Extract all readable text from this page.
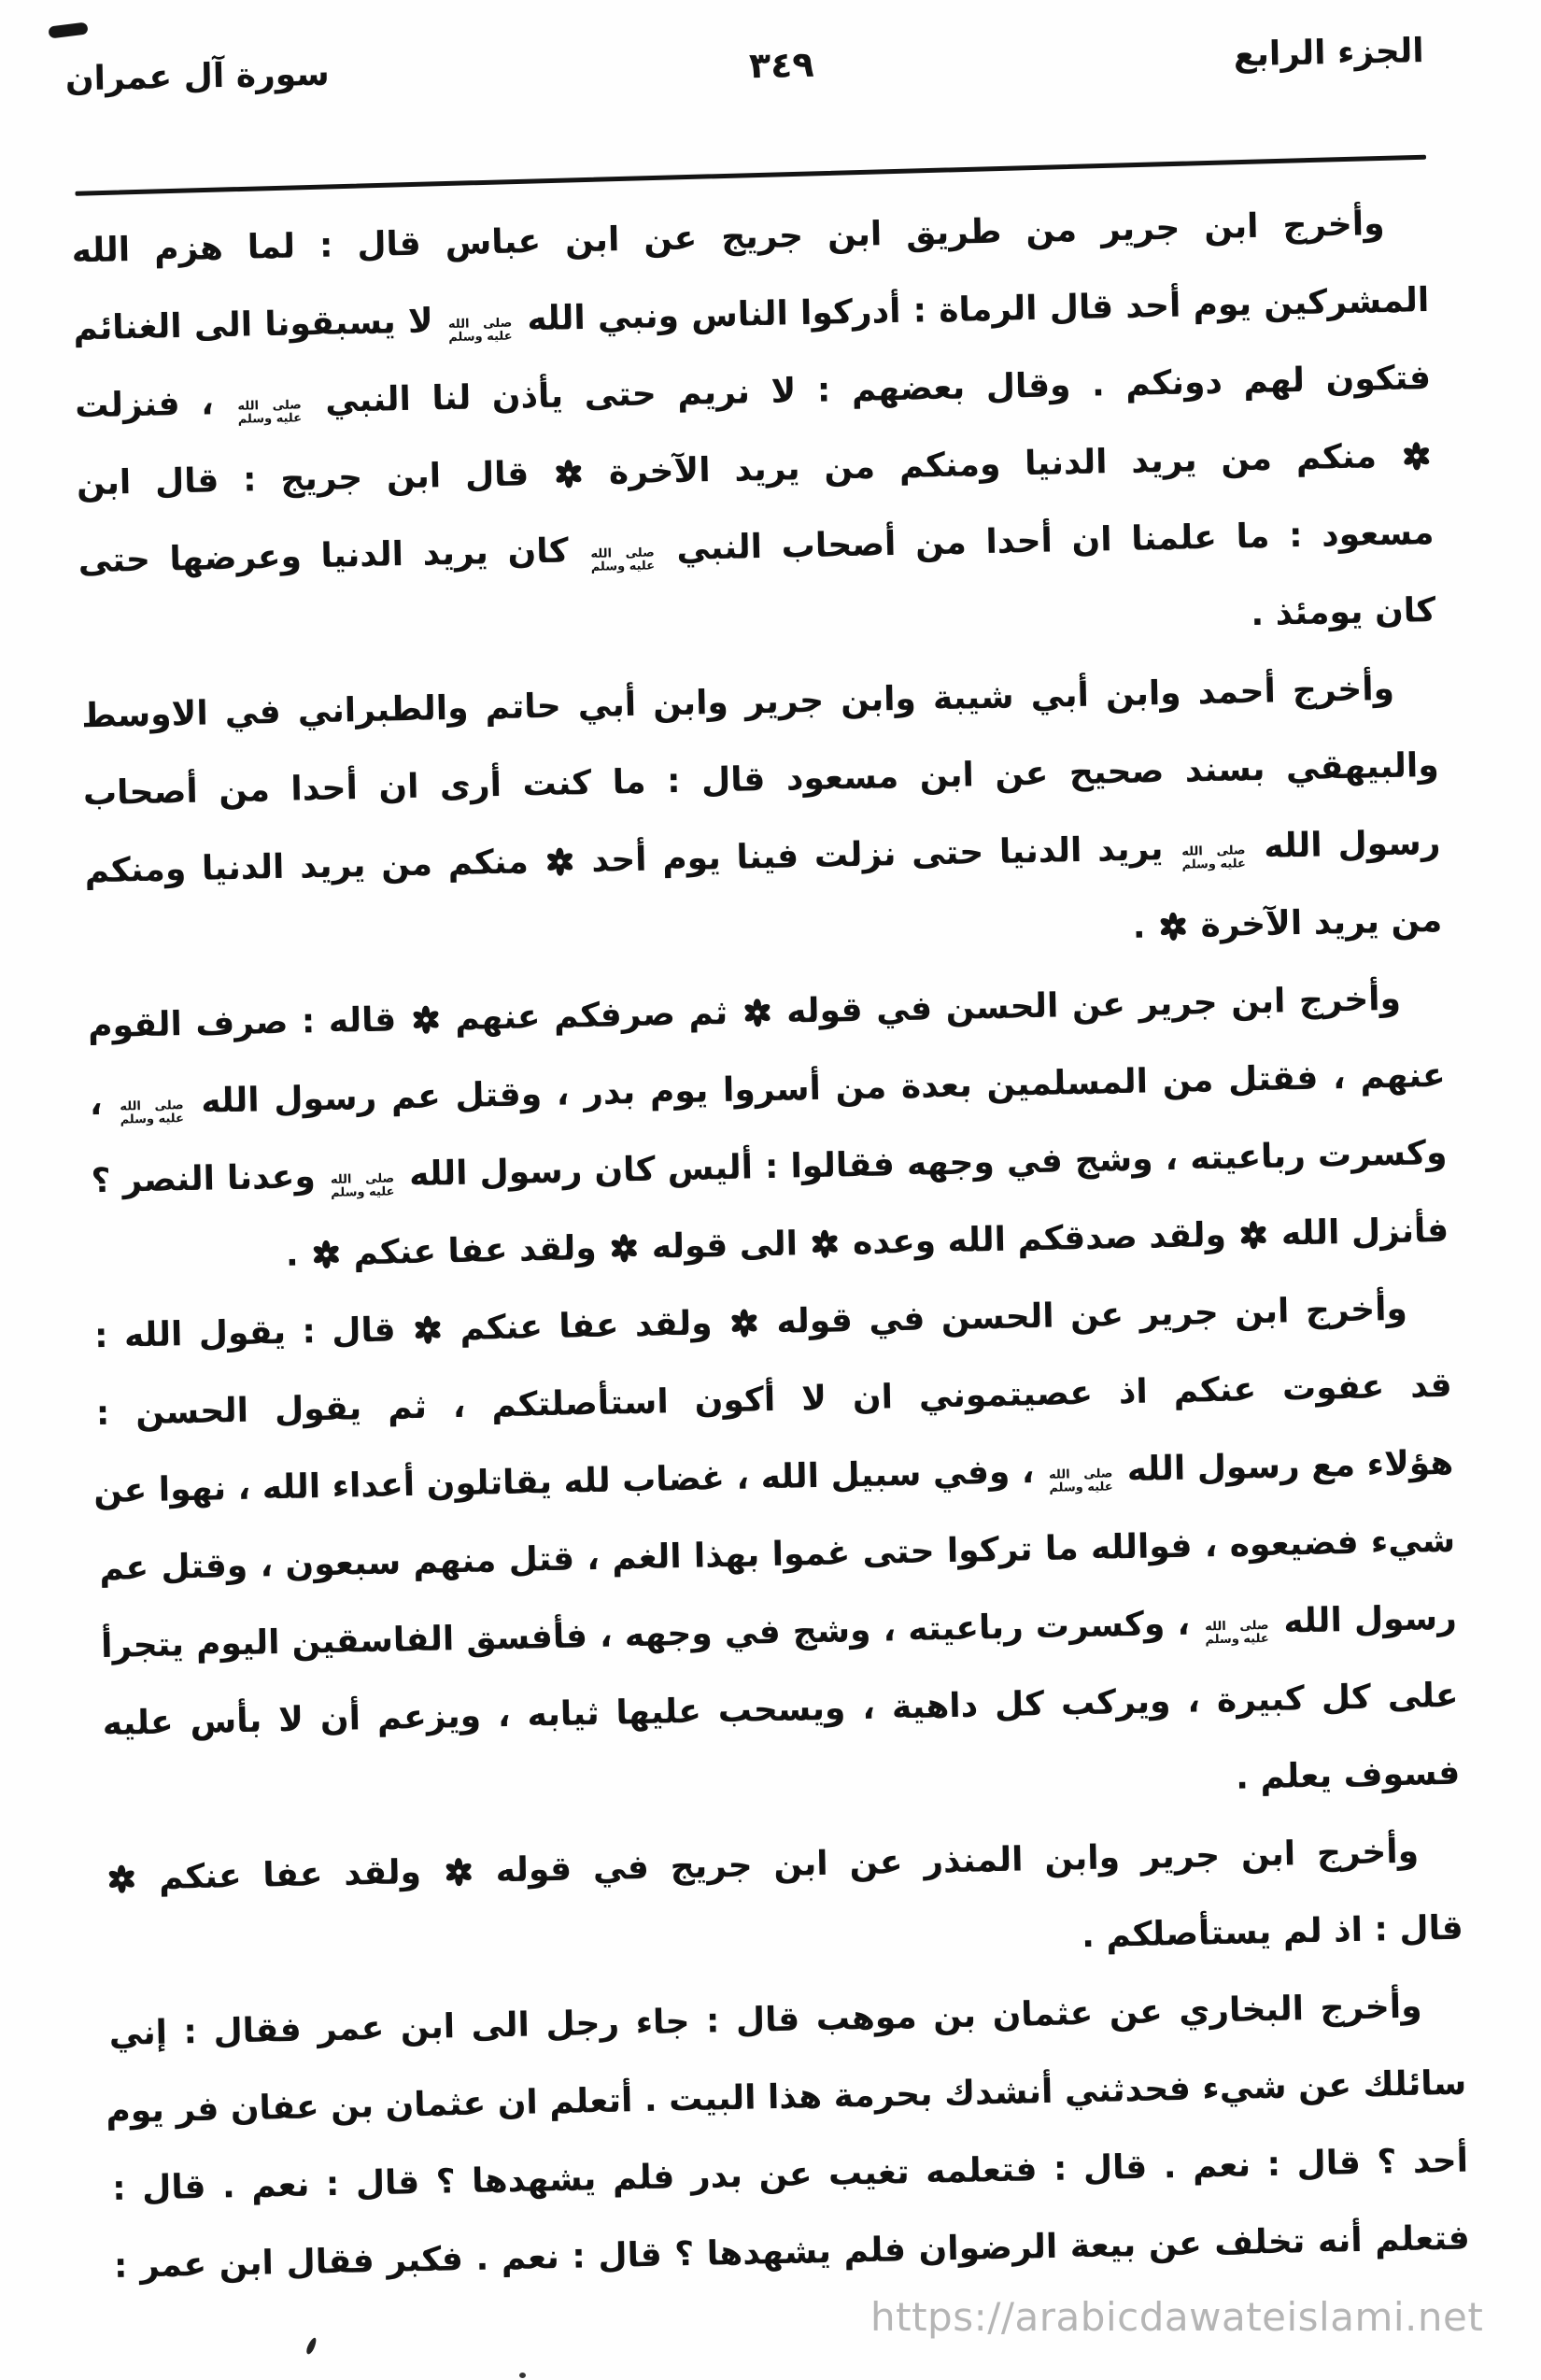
الجزء الرابع
٣٤٩
سورة آل عمران

وأخرج ابن جرير من طريق ابن جريج عن ابن عباس قال : لما هزم الله
المشركين يوم أحد قال الرماة : أدركوا الناس ونبي الله
صلى الله
عليه وسلم
لا يسبقونا الى الغنائم
فتكون لهم دونكم . وقال بعضهم : لا نريم حتى يأذن لنا النبي
صلى الله
عليه وسلم
، فنزلت
منكم من يريد الدنيا ومنكم من يريد الآخرة  قال ابن جريج : قال ابن
مسعود : ما علمنا ان أحدا من أصحاب النبي
صلى الله
عليه وسلم
كان يريد الدنيا وعرضها حتى
كان يومئذ .

وأخرج أحمد وابن أبي شيبة وابن جرير وابن أبي حاتم والطبراني في الاوسط
والبيهقي بسند صحيح عن ابن مسعود قال : ما كنت أرى ان أحدا من أصحاب
رسول الله
صلى الله
عليه وسلم
يريد الدنيا حتى نزلت فينا يوم أحد  منكم من يريد الدنيا ومنكم
من يريد الآخرة  .

وأخرج ابن جرير عن الحسن في قوله  ثم صرفكم عنهم  قاله : صرف القوم
عنهم ، فقتل من المسلمين بعدة من أسروا يوم بدر ، وقتل عم رسول الله
صلى الله
عليه وسلم
،
وكسرت رباعيته ، وشج في وجهه فقالوا : أليس كان رسول الله
صلى الله
عليه وسلم
وعدنا النصر ؟
فأنزل الله  ولقد صدقكم الله وعده  الى قوله  ولقد عفا عنكم  .

وأخرج ابن جرير عن الحسن في قوله  ولقد عفا عنكم  قال : يقول الله :
قد عفوت عنكم اذ عصيتموني ان لا أكون استأصلتكم ، ثم يقول الحسن :
هؤلاء مع رسول الله
صلى الله
عليه وسلم
، وفي سبيل الله ، غضاب لله يقاتلون أعداء الله ، نهوا عن
شيء فضيعوه ، فوالله ما تركوا حتى غموا بهذا الغم ، قتل منهم سبعون ، وقتل عم
رسول الله
صلى الله
عليه وسلم
، وكسرت رباعيته ، وشج في وجهه ، فأفسق الفاسقين اليوم يتجرأ
على كل كبيرة ، ويركب كل داهية ، ويسحب عليها ثيابه ، ويزعم أن لا بأس عليه
فسوف يعلم .

وأخرج ابن جرير وابن المنذر عن ابن جريج في قوله  ولقد عفا عنكم
قال : اذ لم يستأصلكم .

وأخرج البخاري عن عثمان بن موهب قال : جاء رجل الى ابن عمر فقال : إني
سائلك عن شيء فحدثني أنشدك بحرمة هذا البيت . أتعلم ان عثمان بن عفان فر يوم
أحد ؟ قال : نعم . قال : فتعلمه تغيب عن بدر فلم يشهدها ؟ قال : نعم . قال :
فتعلم أنه تخلف عن بيعة الرضوان فلم يشهدها ؟ قال : نعم . فكبر فقال ابن عمر :

https://arabicdawateislami.net
